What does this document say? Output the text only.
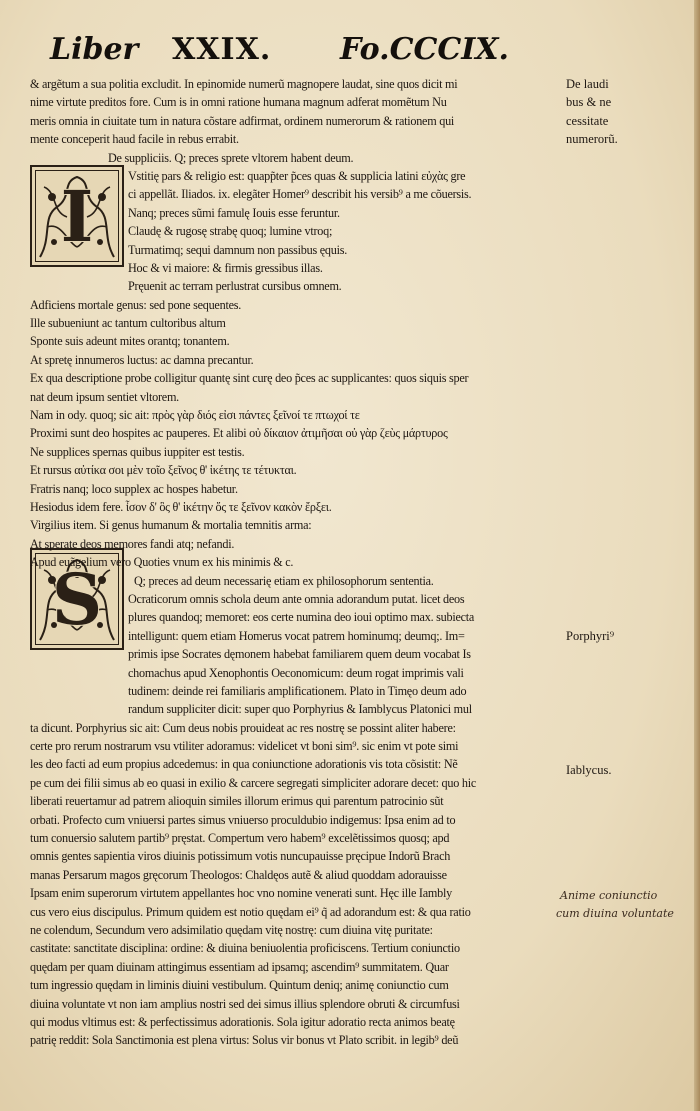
Liber XXIX. Fo.CCCIX.
I
S
& argẽtum a sua politia excludit. In epinomide numerũ magnopere laudat, sine quos dicit mi
nime virtute preditos fore. Cum is in omni ratione humana magnum adferat momẽtum Nu
meris omnia in ciuitate tum in natura cõstare adfirmat, ordinem numerorum & rationem qui
mente conceperit haud facile in rebus errabit.
De suppliciis. Q; preces sprete vltorem habent deum.
Vstitię pars & religio est: quapp̃ter p̃ces quas & supplicia latini εὐχὰς gre
ci appellãt. Iliados. ix. elegãter Homer⁹ describit his versib⁹ a me cõuersis.
Nanq; preces sũmi famulę Iouis esse feruntur.
Claudę & rugosę strabę quoq; lumine vtroq;
Turmatimq; sequi damnum non passibus ęquis.
Hoc & vi maiore: & firmis gressibus illas.
Pręuenit ac terram perlustrat cursibus omnem.
Adficiens mortale genus: sed pone sequentes.
Ille subueniunt ac tantum cultoribus altum
Sponte suis adeunt mites orantq; tonantem.
At spretę innumeros luctus: ac damna precantur.
Ex qua descriptione probe colligitur quantę sint curę deo p̃ces ac supplicantes: quos siquis sper
nat deum ipsum sentiet vltorem.
Nam in ody. quoq; sic ait: πρὸς γὰρ διός εἰσι πάντες ξεῖνοί τε πτωχοί τε
Proximi sunt deo hospites ac pauperes. Et alibi οὐ δίκαιον ἀτιμῆσαι οὐ γὰρ ζεὺς μάρτυρος
Ne supplices spernas quibus iuppiter est testis.
Et rursus αὐτίκα σοι μὲν τοῖο ξεῖνος θ' ἱκέτης τε τέτυκται.
Fratris nanq; loco supplex ac hospes habetur.
Hesiodus idem fere. ἶσον δ' ὃς θ' ἱκέτην ὅς τε ξεῖνον κακὸν ἔρξει.
Virgilius item. Si genus humanum & mortalia temnitis arma:
At sperate deos memores fandi atq; nefandi.
Apud euãgelium vero Quoties vnum ex his minimis & c.
Q; preces ad deum necessarię etiam ex philosophorum sententia.
Ocraticorum omnis schola deum ante omnia adorandum putat. licet deos
plures quandoq; memoret: eos certe numina deo ioui optimo max. subiecta
intelligunt: quem etiam Homerus vocat patrem hominumq; deumq;. Im=
primis ipse Socrates dęmonem habebat familiarem quem deum vocabat Is
chomachus apud Xenophontis Oeconomicum: deum rogat imprimis vali
tudinem: deinde rei familiaris amplificationem. Plato in Timęo deum ado
randum suppliciter dicit: super quo Porphyrius & Iamblycus Platonici mul
ta dicunt. Porphyrius sic ait: Cum deus nobis prouideat ac res nostrę se possint aliter habere:
certe pro rerum nostrarum vsu vtiliter adoramus: videlicet vt boni sim⁹. sic enim vt pote simi
les deo facti ad eum propius adcedemus: in qua coniunctione adorationis vis tota cõsistit: Nẽ
pe cum dei filii simus ab eo quasi in exilio & carcere segregati simpliciter adorare decet: quo hic
liberati reuertamur ad patrem alioquin similes illorum erimus qui parentum patrocinio sũt
orbati. Profecto cum vniuersi partes simus vniuerso proculdubio indigemus: Ipsa enim ad to
tum conuersio salutem partib⁹ pręstat. Compertum vero habem⁹ excelẽtissimos quosq; apd
omnis gentes sapientia viros diuinis potissimum votis nuncupauisse pręcipue Indorũ Brach
manas Persarum magos gręcorum Theologos: Chaldęos autẽ & aliud quoddam adorauisse
Ipsam enim superorum virtutem appellantes hoc vno nomine venerati sunt. Hęc ille Iambly
cus vero eius discipulus. Primum quidem est notio quędam ei⁹ q̃ ad adorandum est: & qua ratio
ne colendum, Secundum vero adsimilatio quędam vitę nostrę: cum diuina vitę puritate:
castitate: sanctitate disciplina: ordine: & diuina beniuolentia proficiscens. Tertium coniunctio
quędam per quam diuinam attingimus essentiam ad ipsamq; ascendim⁹ summitatem. Quar
tum ingressio quędam in liminis diuini vestibulum. Quintum deniq; animę coniunctio cum
diuina voluntate vt non iam amplius nostri sed dei simus illius splendore obruti & circumfusi
qui modus vltimus est: & perfectissimus adorationis. Sola igitur adoratio recta animos beatę
patrię reddit: Sola Sanctimonia est plena virtus: Solus vir bonus vt Plato scribit. in legib⁹ deũ
De laudi
bus & ne
cessitate
numerorũ.
Porphyri⁹
Iablycus.
Anime coniunctio
cum diuina voluntate
